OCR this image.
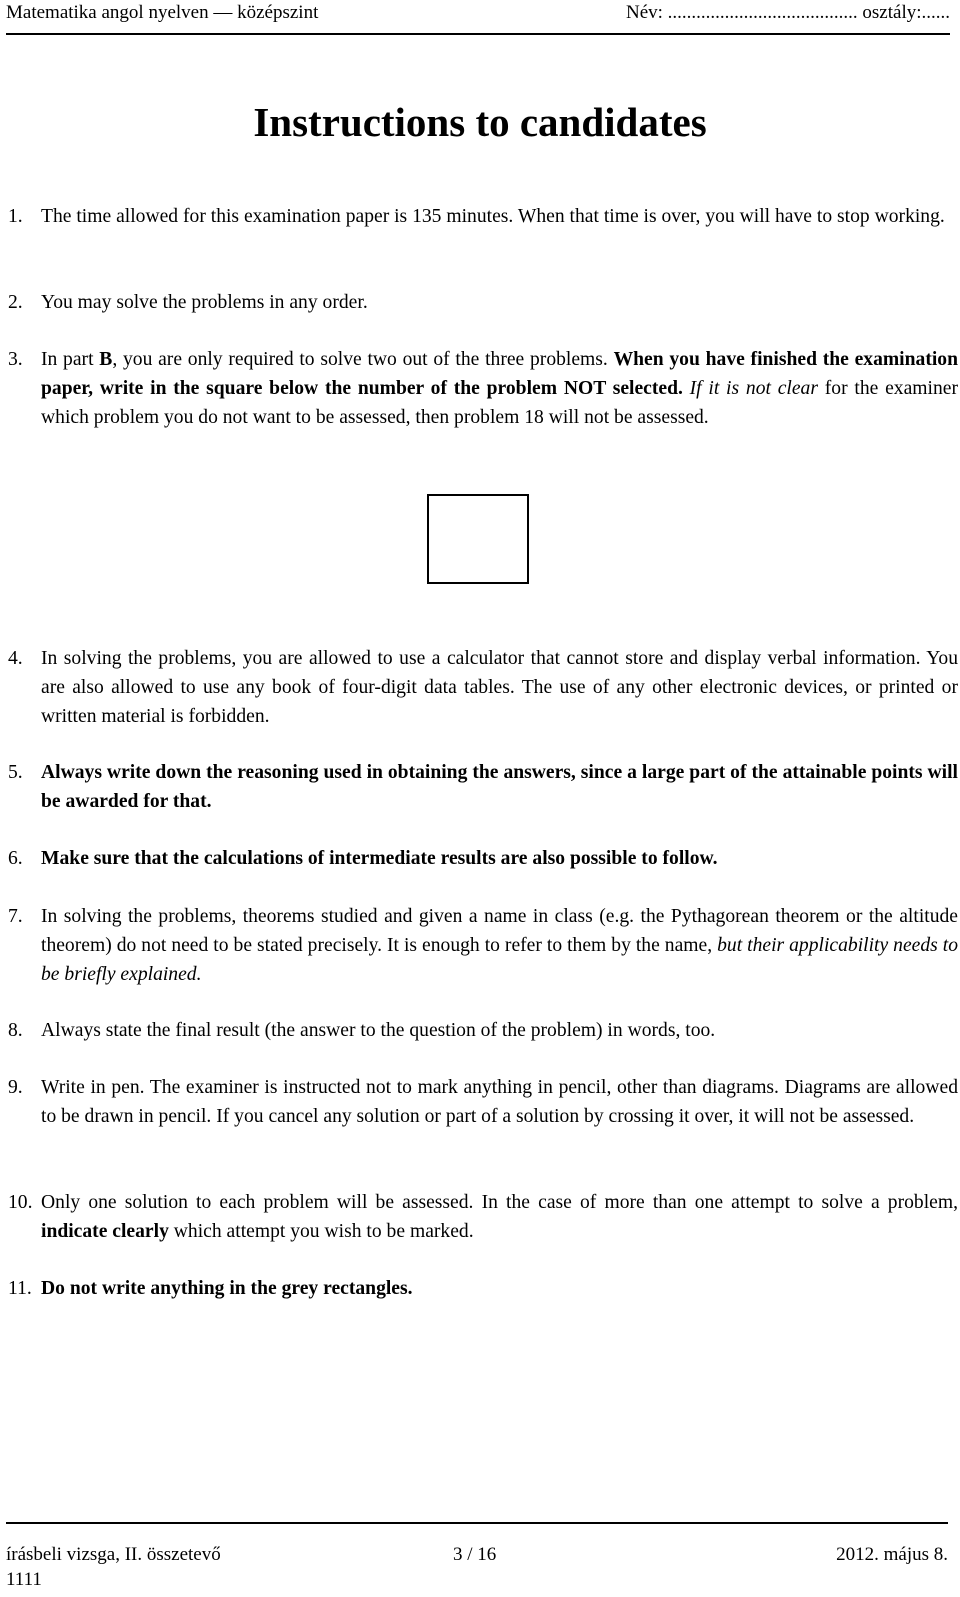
Matematika angol nyelven — középszint	Név: ........................................ osztály:......
Instructions to candidates
1. The time allowed for this examination paper is 135 minutes. When that time is over, you will have to stop working.
2. You may solve the problems in any order.
3. In part B, you are only required to solve two out of the three problems. When you have finished the examination paper, write in the square below the number of the problem NOT selected. If it is not clear for the examiner which problem you do not want to be assessed, then problem 18 will not be assessed.
4. In solving the problems, you are allowed to use a calculator that cannot store and display verbal information. You are also allowed to use any book of four-digit data tables. The use of any other electronic devices, or printed or written material is forbidden.
5. Always write down the reasoning used in obtaining the answers, since a large part of the attainable points will be awarded for that.
6. Make sure that the calculations of intermediate results are also possible to follow.
7. In solving the problems, theorems studied and given a name in class (e.g. the Pythagorean theorem or the altitude theorem) do not need to be stated precisely. It is enough to refer to them by the name, but their applicability needs to be briefly explained.
8. Always state the final result (the answer to the question of the problem) in words, too.
9. Write in pen. The examiner is instructed not to mark anything in pencil, other than diagrams. Diagrams are allowed to be drawn in pencil. If you cancel any solution or part of a solution by crossing it over, it will not be assessed.
10. Only one solution to each problem will be assessed. In the case of more than one attempt to solve a problem, indicate clearly which attempt you wish to be marked.
11. Do not write anything in the grey rectangles.
írásbeli vizsga, II. összetevő	3 / 16	2012. május 8.
1111
